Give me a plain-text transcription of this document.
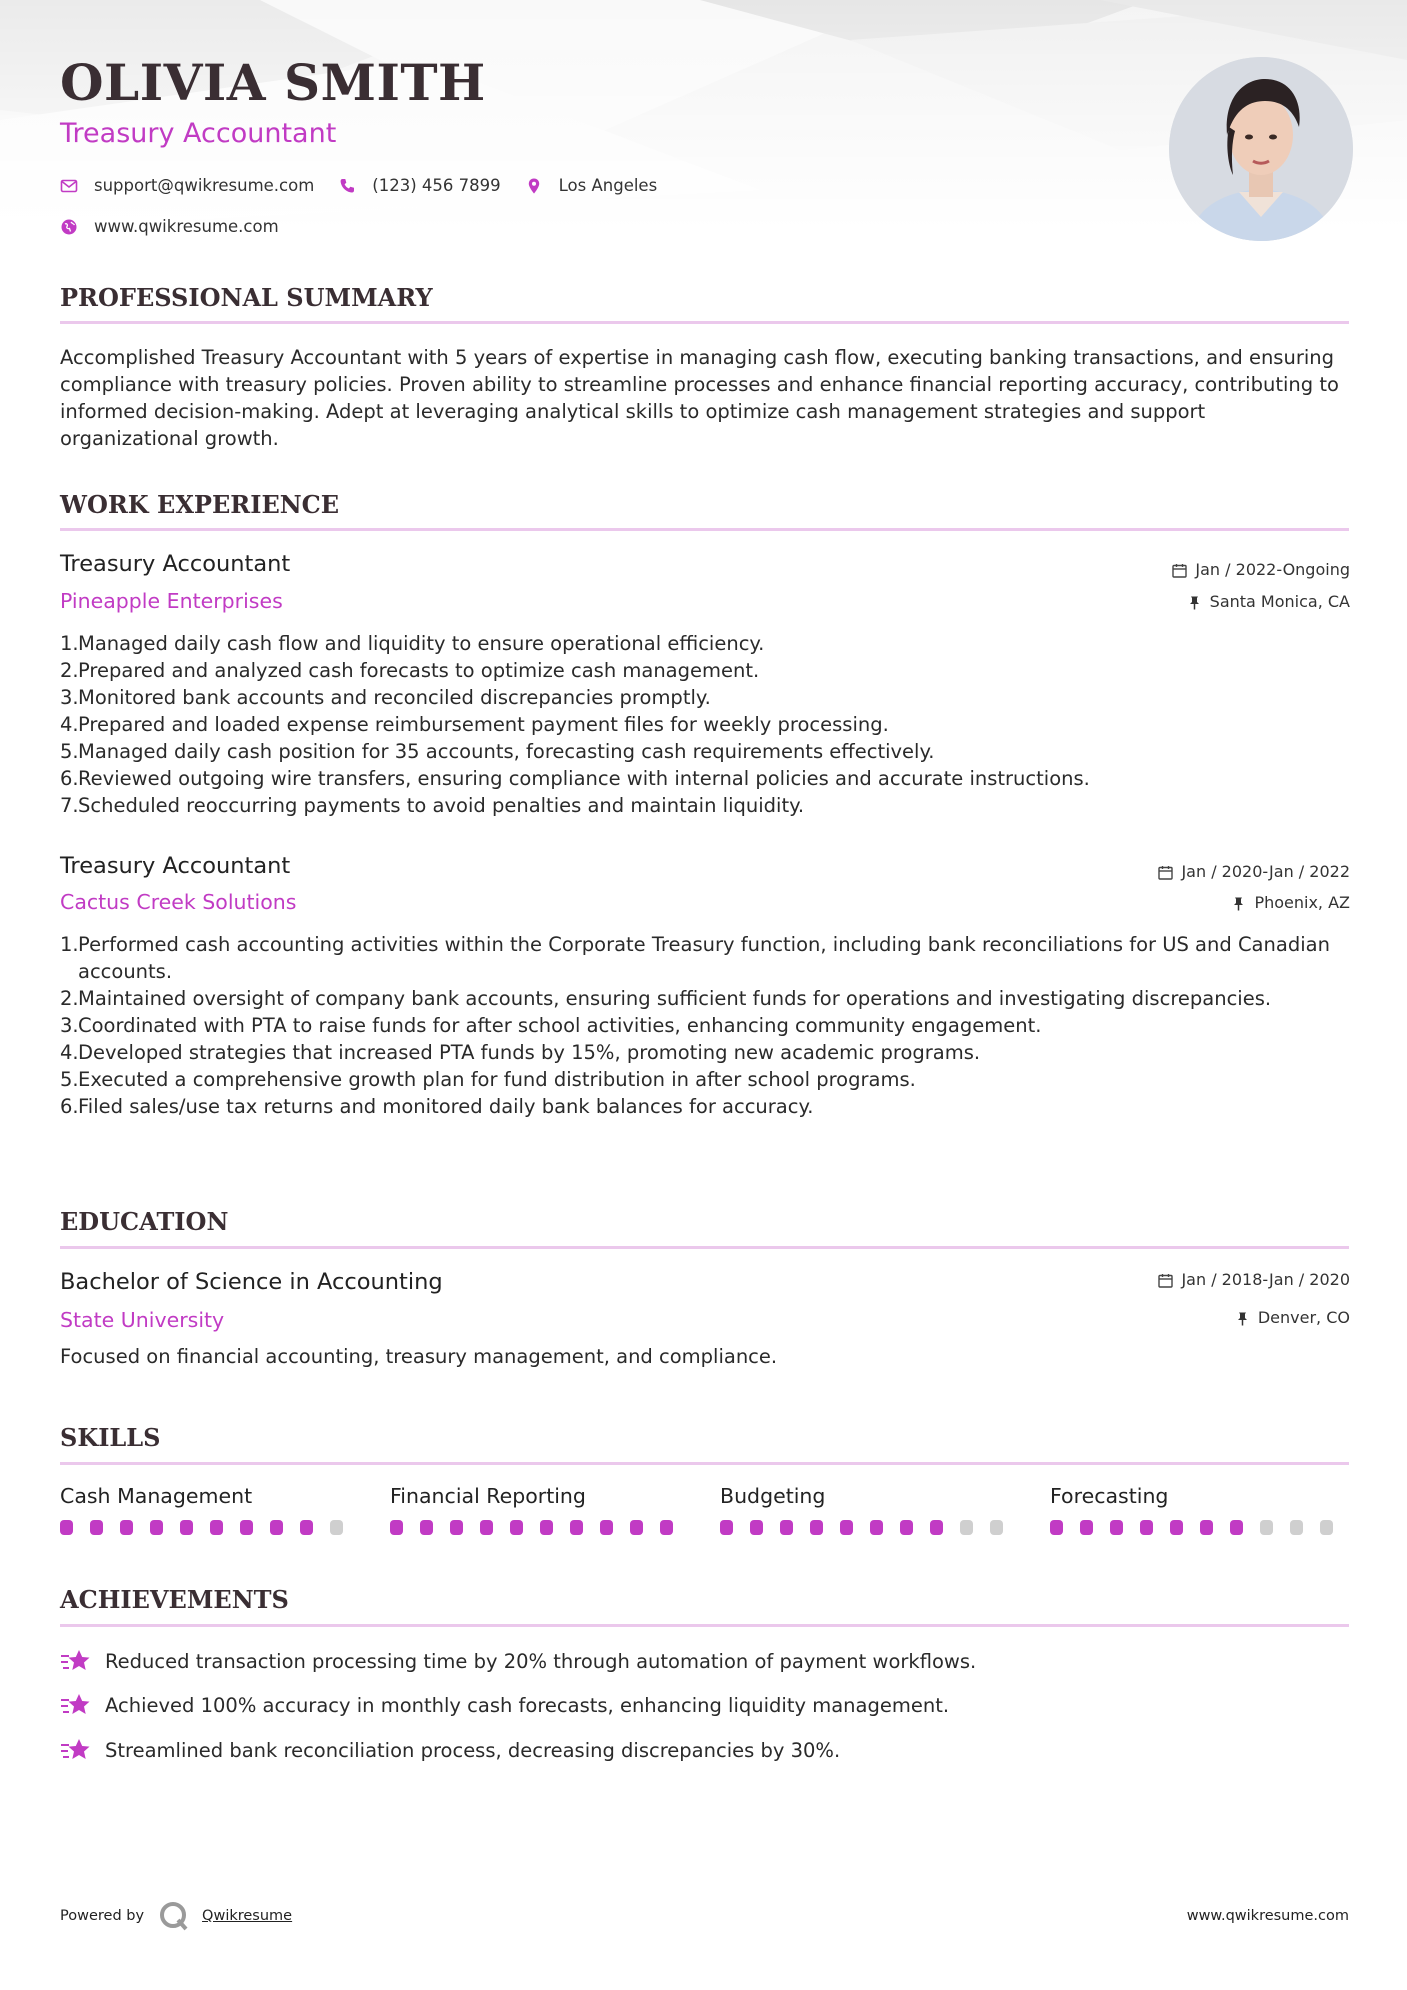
OLIVIA SMITH
Treasury Accountant
support@qwikresume.com	(123) 456 7899	Los Angeles
www.qwikresume.com
PROFESSIONAL SUMMARY

Accomplished Treasury Accountant with 5 years of expertise in managing cash flow, executing banking transactions, and ensuring compliance with treasury policies. Proven ability to streamline processes and enhance financial reporting accuracy, contributing to informed decision-making. Adept at leveraging analytical skills to optimize cash management strategies and support organizational growth.

WORK EXPERIENCE
Treasury Accountant
Pineapple Enterprises
Jan / 2022-Ongoing
Santa Monica, CA
1. Managed daily cash flow and liquidity to ensure operational efficiency.
2. Prepared and analyzed cash forecasts to optimize cash management.
3. Monitored bank accounts and reconciled discrepancies promptly.
4. Prepared and loaded expense reimbursement payment files for weekly processing.
5. Managed daily cash position for 35 accounts, forecasting cash requirements effectively.
6. Reviewed outgoing wire transfers, ensuring compliance with internal policies and accurate instructions.
7. Scheduled reoccurring payments to avoid penalties and maintain liquidity.
Treasury Accountant
Cactus Creek Solutions
Jan / 2020-Jan / 2022
Phoenix, AZ
1. Performed cash accounting activities within the Corporate Treasury function, including bank reconciliations for US and Canadian accounts.
2. Maintained oversight of company bank accounts, ensuring sufficient funds for operations and investigating discrepancies.
3. Coordinated with PTA to raise funds for after school activities, enhancing community engagement.
4. Developed strategies that increased PTA funds by 15%, promoting new academic programs.
5. Executed a comprehensive growth plan for fund distribution in after school programs.
6. Filed sales/use tax returns and monitored daily bank balances for accuracy.
EDUCATION
Bachelor of Science in Accounting
State University
Jan / 2018-Jan / 2020
Denver, CO

Focused on financial accounting, treasury management, and compliance.

SKILLS
Cash Management	Financial Reporting	Budgeting	Forecasting
ACHIEVEMENTS
Reduced transaction processing time by 20% through automation of payment workflows.
Achieved 100% accuracy in monthly cash forecasts, enhancing liquidity management.
Streamlined bank reconciliation process, decreasing discrepancies by 30%.
Powered by	Qwikresume	www.qwikresume.com
